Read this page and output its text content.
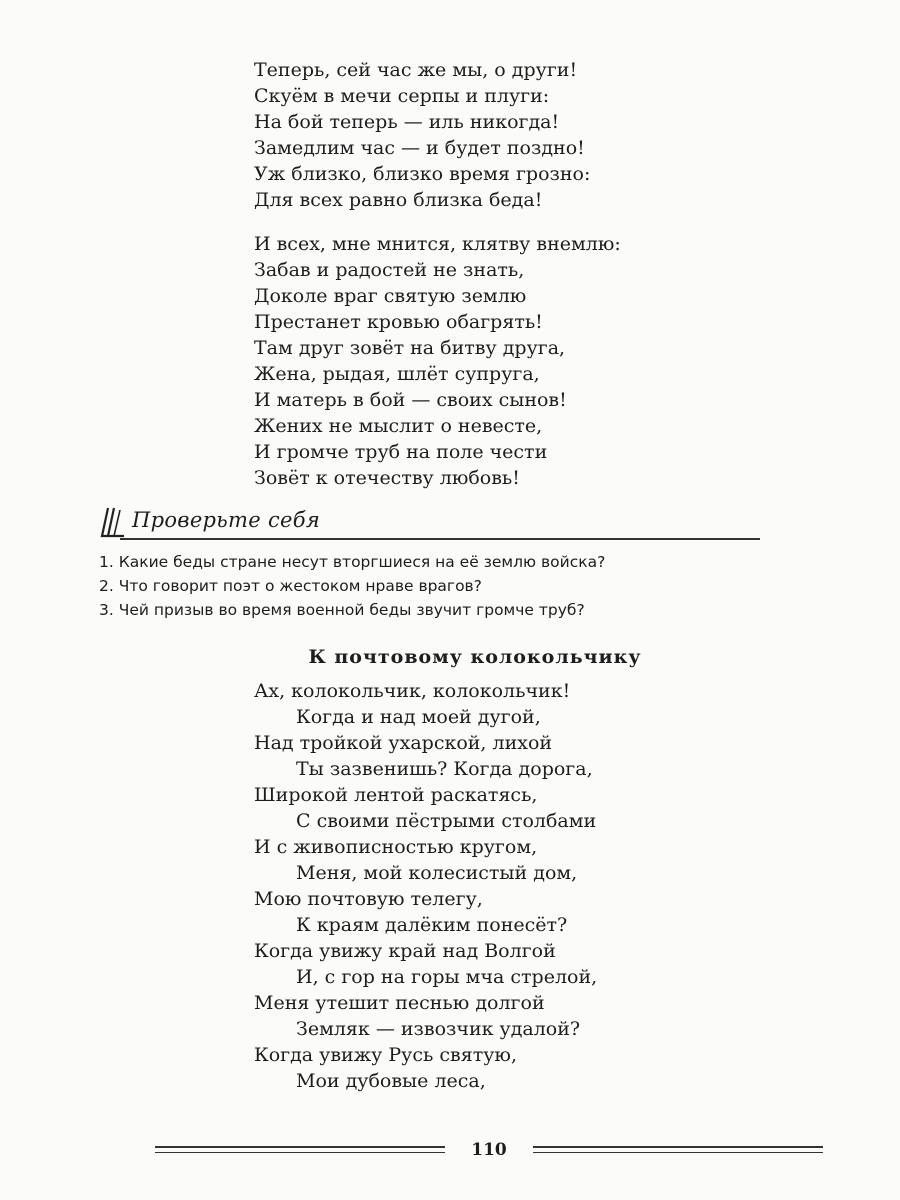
Теперь, сей час же мы, о други!
Скуём в мечи серпы и плуги:
На бой теперь — иль никогда!
Замедлим час — и будет поздно!
Уж близко, близко время грозно:
Для всех равно близка беда!
И всех, мне мнится, клятву внемлю:
Забав и радостей не знать,
Доколе враг святую землю
Престанет кровью обагрять!
Там друг зовёт на битву друга,
Жена, рыдая, шлёт супруга,
И матерь в бой — своих сынов!
Жених не мыслит о невесте,
И громче труб на поле чести
Зовёт к отечеству любовь!
Проверьте себя
1. Какие беды стране несут вторгшиеся на её землю войска?
2. Что говорит поэт о жестоком нраве врагов?
3. Чей призыв во время военной беды звучит громче труб?
К почтовому колокольчику
Ах, колокольчик, колокольчик!
Когда и над моей дугой,
Над тройкой ухарской, лихой
Ты зазвенишь? Когда дорога,
Широкой лентой раскатясь,
С своими пёстрыми столбами
И с живописностью кругом,
Меня, мой колесистый дом,
Мою почтовую телегу,
К краям далёким понесёт?
Когда увижу край над Волгой
И, с гор на горы мча стрелой,
Меня утешит песнью долгой
Земляк — извозчик удалой?
Когда увижу Русь святую,
Мои дубовые леса,
110
